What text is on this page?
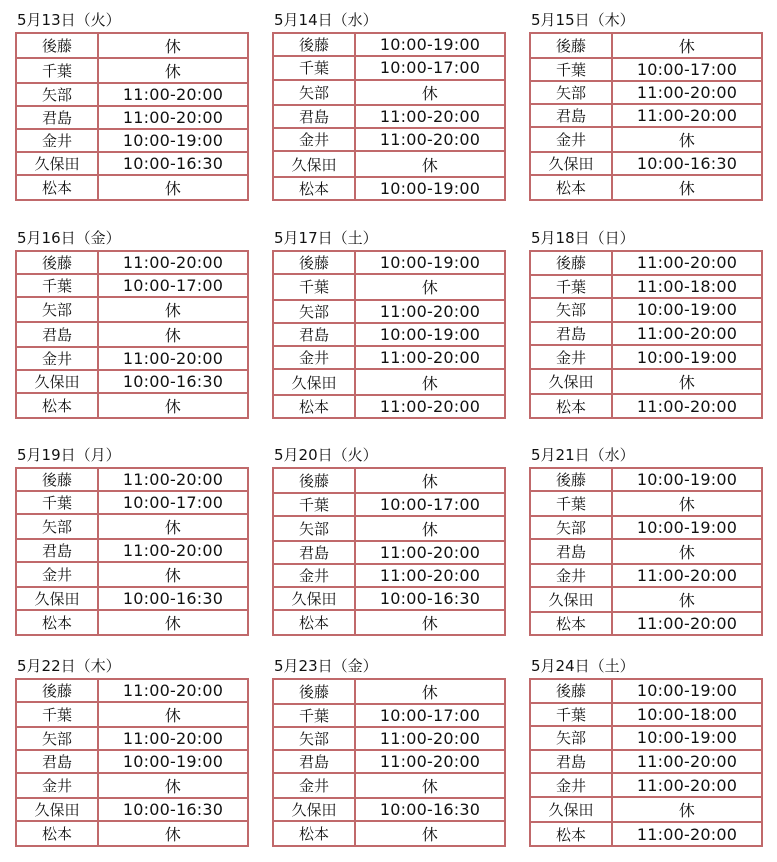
5月13日（火）
後藤	休
千葉	休
矢部	11:00-20:00
君島	11:00-20:00
金井	10:00-19:00
久保田	10:00-16:30
松本	休
5月14日（水）
後藤	10:00-19:00
千葉	10:00-17:00
矢部	休
君島	11:00-20:00
金井	11:00-20:00
久保田	休
松本	10:00-19:00
5月15日（木）
後藤	休
千葉	10:00-17:00
矢部	11:00-20:00
君島	11:00-20:00
金井	休
久保田	10:00-16:30
松本	休
5月16日（金）
後藤	11:00-20:00
千葉	10:00-17:00
矢部	休
君島	休
金井	11:00-20:00
久保田	10:00-16:30
松本	休
5月17日（土）
後藤	10:00-19:00
千葉	休
矢部	11:00-20:00
君島	10:00-19:00
金井	11:00-20:00
久保田	休
松本	11:00-20:00
5月18日（日）
後藤	11:00-20:00
千葉	11:00-18:00
矢部	10:00-19:00
君島	11:00-20:00
金井	10:00-19:00
久保田	休
松本	11:00-20:00
5月19日（月）
後藤	11:00-20:00
千葉	10:00-17:00
矢部	休
君島	11:00-20:00
金井	休
久保田	10:00-16:30
松本	休
5月20日（火）
後藤	休
千葉	10:00-17:00
矢部	休
君島	11:00-20:00
金井	11:00-20:00
久保田	10:00-16:30
松本	休
5月21日（水）
後藤	10:00-19:00
千葉	休
矢部	10:00-19:00
君島	休
金井	11:00-20:00
久保田	休
松本	11:00-20:00
5月22日（木）
後藤	11:00-20:00
千葉	休
矢部	11:00-20:00
君島	10:00-19:00
金井	休
久保田	10:00-16:30
松本	休
5月23日（金）
後藤	休
千葉	10:00-17:00
矢部	11:00-20:00
君島	11:00-20:00
金井	休
久保田	10:00-16:30
松本	休
5月24日（土）
後藤	10:00-19:00
千葉	10:00-18:00
矢部	10:00-19:00
君島	11:00-20:00
金井	11:00-20:00
久保田	休
松本	11:00-20:00
